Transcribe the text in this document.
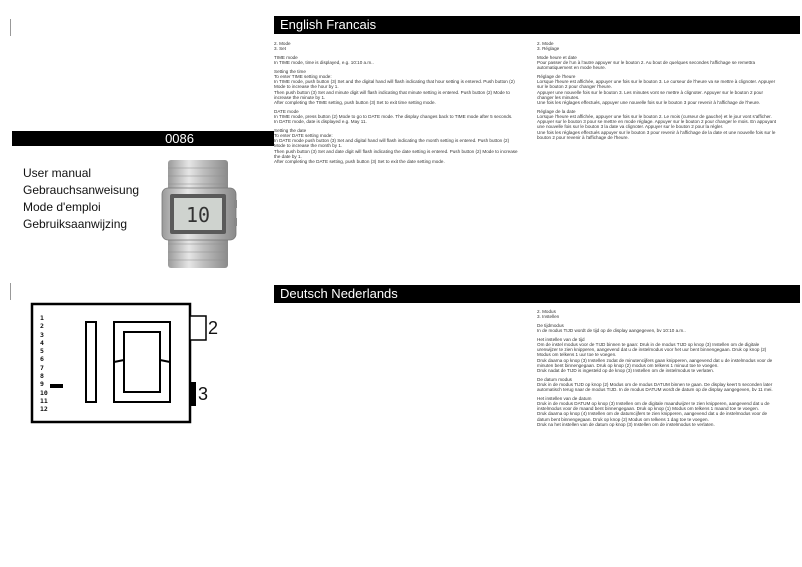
English Francais
0086
User manual
Gebrauchsanweisung
Mode d'emploi
Gebruiksaanwijzing	10

2. Mode
3. Set

TIME mode
In TIME mode, time is displayed, e.g. 10:10 a.m..

Setting the time
To enter TIME setting mode:
In TIME mode, push button (3) Set and the digital hand will flash indicating that hour setting is entered. Push button (2) Mode to increase the hour by 1.
Then push button (3) Set and minute digit will flash indicating that minute setting is entered. Push button (2) Mode to increase the minute by 1.
After completing the TIME setting, push button (3) Set to exit time setting mode.

DATE mode
In TIME mode, press button (2) Mode to go to DATE mode. The display changes back to TIME mode after 5 seconds.
In DATE mode, date is displayed e.g. May 11.

Setting the date
To enter DATE setting mode:
In DATE mode push button (3) Set and digital hand will flash indicating the month setting is entered. Push button (2) Mode to increase the month by 1.
Then push button (3) Set and date digit will flash indicating the date setting is entered. Push button (2) Mode to increase the date by 1.
After completing the DATE setting, push button (3) Set to exit the date setting mode.

2. Mode
3. Réglage

Mode heure et date
Pour passer de l'un à l'autre appuyer sur le bouton 2. Au bout de quelques secondes l'affichage se remettra automatiquement en mode heure.

Réglage de l'heure
Lorsque l'heure est affichée, appuyer une fois sur le bouton 3. Le curseur de l'heure va se mettre à clignoter. Appuyer sur le bouton 2 pour changer l'heure.
Appuyer une nouvelle fois sur le bouton 3. Les minutes vont se mettre à clignoter. Appuyer sur le bouton 2 pour changer les minutes.
Une fois les réglages effectués, appuyer une nouvelle fois sur le bouton 3 pour revenir à l'affichage de l'heure.

Réglage de la date
Lorsque l'heure est affichée, appuyer une fois sur le bouton 2. Le mois (curseur de gauche) et le jour vont s'afficher. Appuyer sur le bouton 3 pour se mettre en mode réglage. Appuyer sur le bouton 2 pour changer le mois. En appuyant une nouvelle fois sur le bouton 3 la date va clignoter. Appuyer sur le bouton 2 pour la régler.
Une fois les réglages effectués appuyer sur le bouton 3 pour revenir à l'affichage de la date et une nouvelle fois sur le bouton 2 pour revenir à l'affichage de l'heure.

Deutsch Nederlands
1
2
3
4
5
6
7
8
9
10
11
12
2
3

2. Modus
3. Instellen

De tijdmodus
In de modus TIJD wordt de tijd op de display aangegeven, bv 10:10 a.m..

Het instellen van de tijd
Om de instel modus voor de TIJD binnen te gaan: Druk in de modus TIJD op knop (3) Instellen om de digitale urenwijzer te zien knipperen, aangevend dat u de instelmodus voor het uur bent binnengegaan. Druk op knop (2) Modus om telkens 1 uur toe te voegen.
Druk daarna op knop (3) Instellen zodat de minutencijfers gaan knipperen, aangevend dat u de instelmodus voor de minuten bent binnengegaan. Druk op knop (2) modus om telkens 1 minuut toe te voegen.
Druk nadat de TIJD is ingesteld op de knop (3) Instellen om de instelmodus te verlaten.

De datum modus
Druk in de modus TIJD op knop (2) Modus om de modus DATUM binnen te gaan. De display keert 5 seconden later automatisch terug naar de modus TIJD. In de modus DATUM wordt de datum op de display aangegeven, bv 11 mei.

Het instellen van de datum
Druk in de modus DATUM op knop (3) Instellen om de digitale maandwijzer te zien knipperen, aangevend dat u de instelmodus voor de maand bent binnengegaan. Druk op knop (1) Modus om telkens 1 maand toe te voegen.
Druk daarna op knop (4) Instellen om de datumcijfers te zien knipperen, aangevend dat u de instelmodus voor de datum bent binnengegaan. Druk op knop (2) Modus om telkens 1 dag toe te voegen.
Druk na het instellen van de datum op knop (3) Instellen om de instelmodus te verlaten.
